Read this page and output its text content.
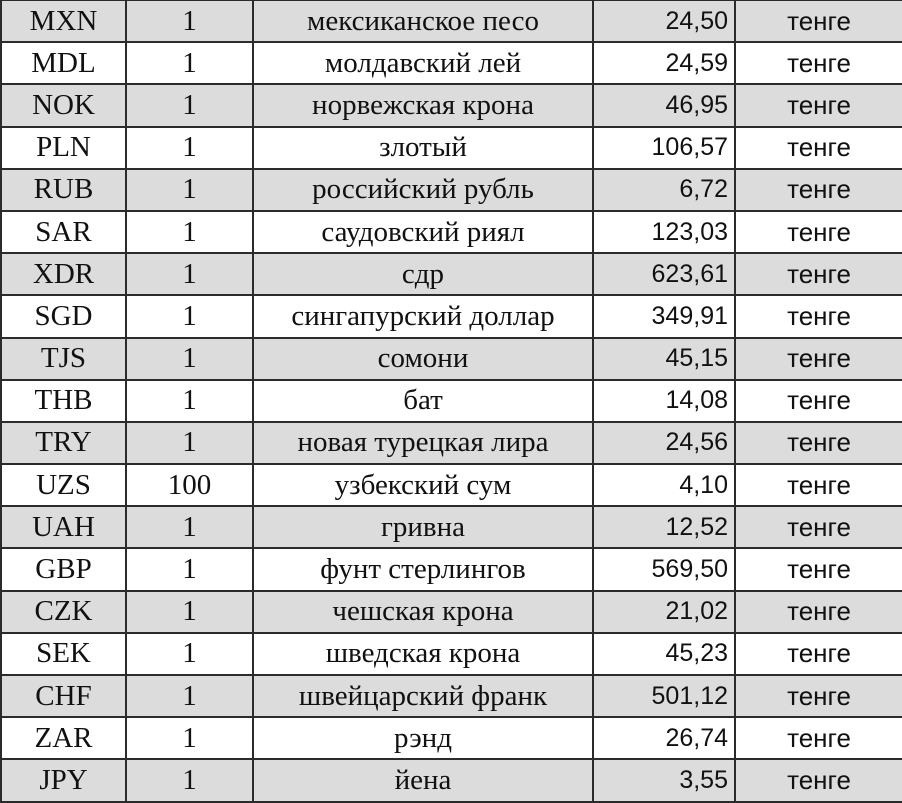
MXN	1	мексиканское песо	24,50	тенге
MDL	1	молдавский лей	24,59	тенге
NOK	1	норвежская крона	46,95	тенге
PLN	1	злотый	106,57	тенге
RUB	1	российский рубль	6,72	тенге
SAR	1	саудовский риял	123,03	тенге
XDR	1	сдр	623,61	тенге
SGD	1	сингапурский доллар	349,91	тенге
TJS	1	сомони	45,15	тенге
THB	1	бат	14,08	тенге
TRY	1	новая турецкая лира	24,56	тенге
UZS	100	узбекский сум	4,10	тенге
UAH	1	гривна	12,52	тенге
GBP	1	фунт стерлингов	569,50	тенге
CZK	1	чешская крона	21,02	тенге
SEK	1	шведская крона	45,23	тенге
CHF	1	швейцарский франк	501,12	тенге
ZAR	1	рэнд	26,74	тенге
JPY	1	йена	3,55	тенге
